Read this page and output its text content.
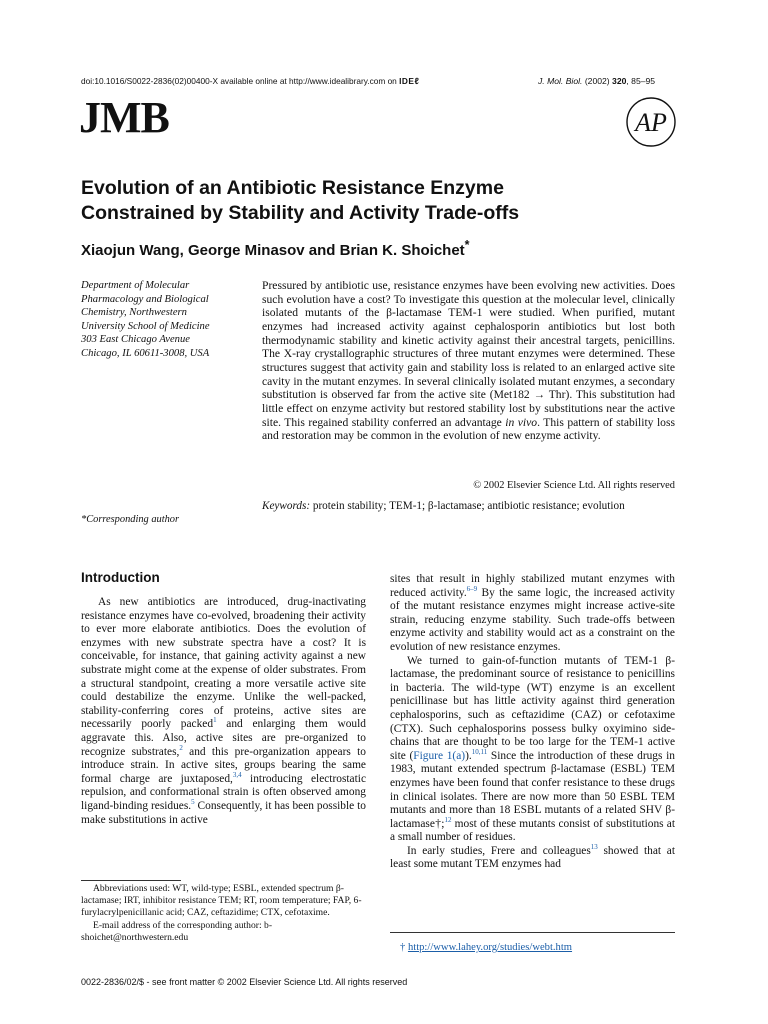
doi:10.1016/S0022-2836(02)00400-X available online at http://www.idealibrary.com on IDEℓ	J. Mol. Biol. (2002) 320, 85–95
JMB	AP
Evolution of an Antibiotic Resistance Enzyme
Constrained by Stability and Activity Trade-offs
Xiaojun Wang, George Minasov and Brian K. Shoichet*
Department of Molecular
Pharmacology and Biological
Chemistry, Northwestern
University School of Medicine
303 East Chicago Avenue
Chicago, IL 60611-3008, USA
Pressured by antibiotic use, resistance enzymes have been evolving new activities. Does such evolution have a cost? To investigate this question at the molecular level, clinically isolated mutants of the β-lactamase TEM-1 were studied. When purified, mutant enzymes had increased activity against cephalosporin antibiotics but lost both thermodynamic stability and kinetic activity against their ancestral targets, penicillins. The X-ray crystallographic structures of three mutant enzymes were determined. These structures suggest that activity gain and stability loss is related to an enlarged active site cavity in the mutant enzymes. In several clinically isolated mutant enzymes, a secondary substitution is observed far from the active site (Met182 → Thr). This substitution had little effect on enzyme activity but restored stability lost by substitutions near the active site. This regained stability conferred an advantage in vivo. This pattern of stability loss and restoration may be common in the evolution of new enzyme activity.
© 2002 Elsevier Science Ltd. All rights reserved
Keywords: protein stability; TEM-1; β-lactamase; antibiotic resistance; evolution
*Corresponding author
Introduction

As new antibiotics are introduced, drug-inactivating resistance enzymes have co-evolved, broadening their activity to ever more elaborate antibiotics. Does the evolution of enzymes with new substrate spectra have a cost? It is conceivable, for instance, that gaining activity against a new substrate might come at the expense of older substrates. From a structural standpoint, creating a more versatile active site could destabilize the enzyme. Unlike the well-packed, stability-conferring cores of proteins, active sites are necessarily poorly packed$^1$ and enlarging them would aggravate this. Also, active sites are pre-organized to recognize substrates,$^2$ and this pre-organization appears to introduce strain. In active sites, groups bearing the same formal charge are juxtaposed,$^{3,4}$ introducing electrostatic repulsion, and conformational strain is often observed among ligand-binding residues.$^5$ Consequently, it has been possible to make substitutions in active

sites that result in highly stabilized mutant enzymes with reduced activity.$^{6-9}$ By the same logic, the increased activity of the mutant resistance enzymes might increase active-site strain, reducing enzyme stability. Such trade-offs between enzyme activity and stability would act as a constraint on the evolution of new resistance enzymes.

We turned to gain-of-function mutants of TEM-1 β-lactamase, the predominant source of resistance to penicillins in bacteria. The wild-type (WT) enzyme is an excellent penicillinase but has little activity against third generation cephalosporins, such as ceftazidime (CAZ) or cefotaxime (CTX). Such cephalosporins possess bulky oxyimino side-chains that are thought to be too large for the TEM-1 active site (Figure 1(a)).$^{10,11}$ Since the introduction of these drugs in 1983, mutant extended spectrum β-lactamase (ESBL) TEM enzymes have been found that confer resistance to these drugs in clinical isolates. There are now more than 50 ESBL TEM mutants and more than 18 ESBL mutants of a related SHV β-lactamase†;$^{12}$ most of these mutants consist of substitutions at a small number of residues.

In early studies, Frere and colleagues$^{13}$ showed that at least some mutant TEM enzymes had

Abbreviations used: WT, wild-type; ESBL, extended spectrum β-lactamase; IRT, inhibitor resistance TEM; RT, room temperature; FAP, 6-furylacrylpenicillanic acid; CAZ, ceftazidime; CTX, cefotaxime.
E-mail address of the corresponding author: b-shoichet@northwestern.edu
† http://www.lahey.org/studies/webt.htm
0022-2836/02/$ - see front matter © 2002 Elsevier Science Ltd. All rights reserved
